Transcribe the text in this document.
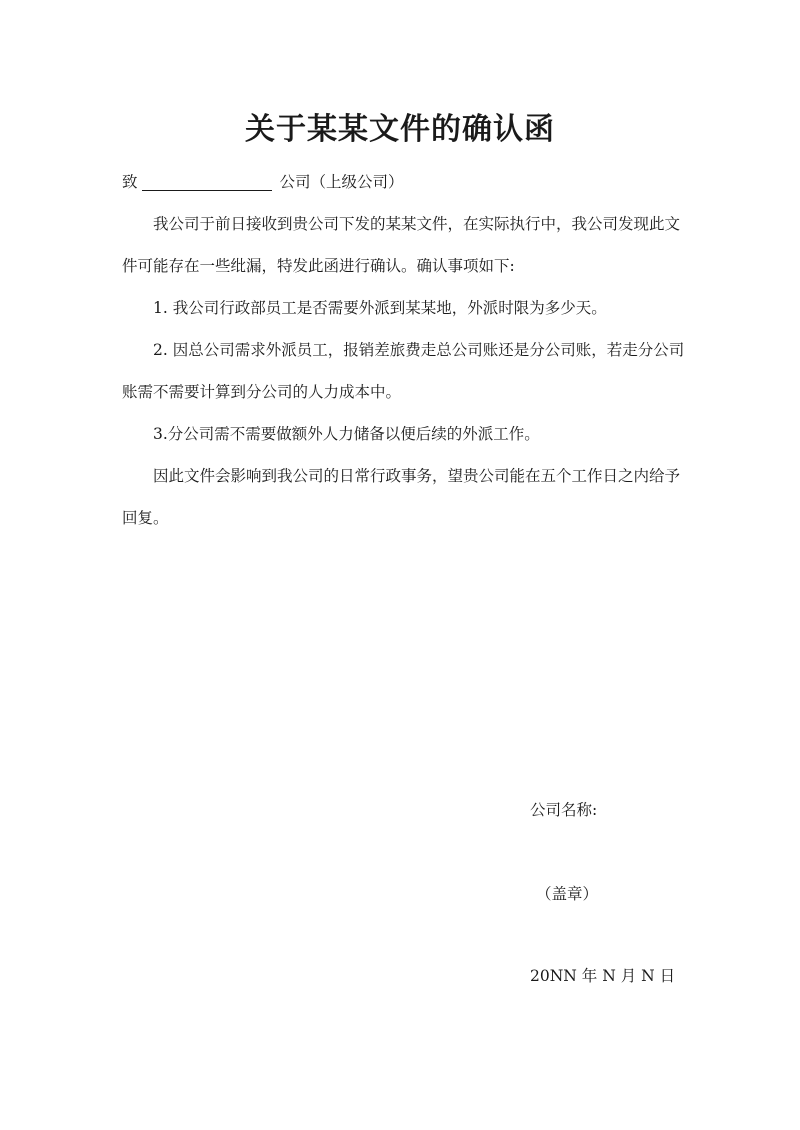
关于某某文件的确认函
致	公司（上级公司）

我公司于前日接收到贵公司下发的某某文件，在实际执行中，我公司发现此文件可能存在一些纰漏，特发此函进行确认。确认事项如下:

1. 我公司行政部员工是否需要外派到某某地，外派时限为多少天。

2. 因总公司需求外派员工，报销差旅费走总公司账还是分公司账，若走分公司账需不需要计算到分公司的人力成本中。

3.分公司需不需要做额外人力储备以便后续的外派工作。

因此文件会影响到我公司的日常行政事务，望贵公司能在五个工作日之内给予回复。

公司名称:
（盖章）
20NN 年 N 月 N 日
